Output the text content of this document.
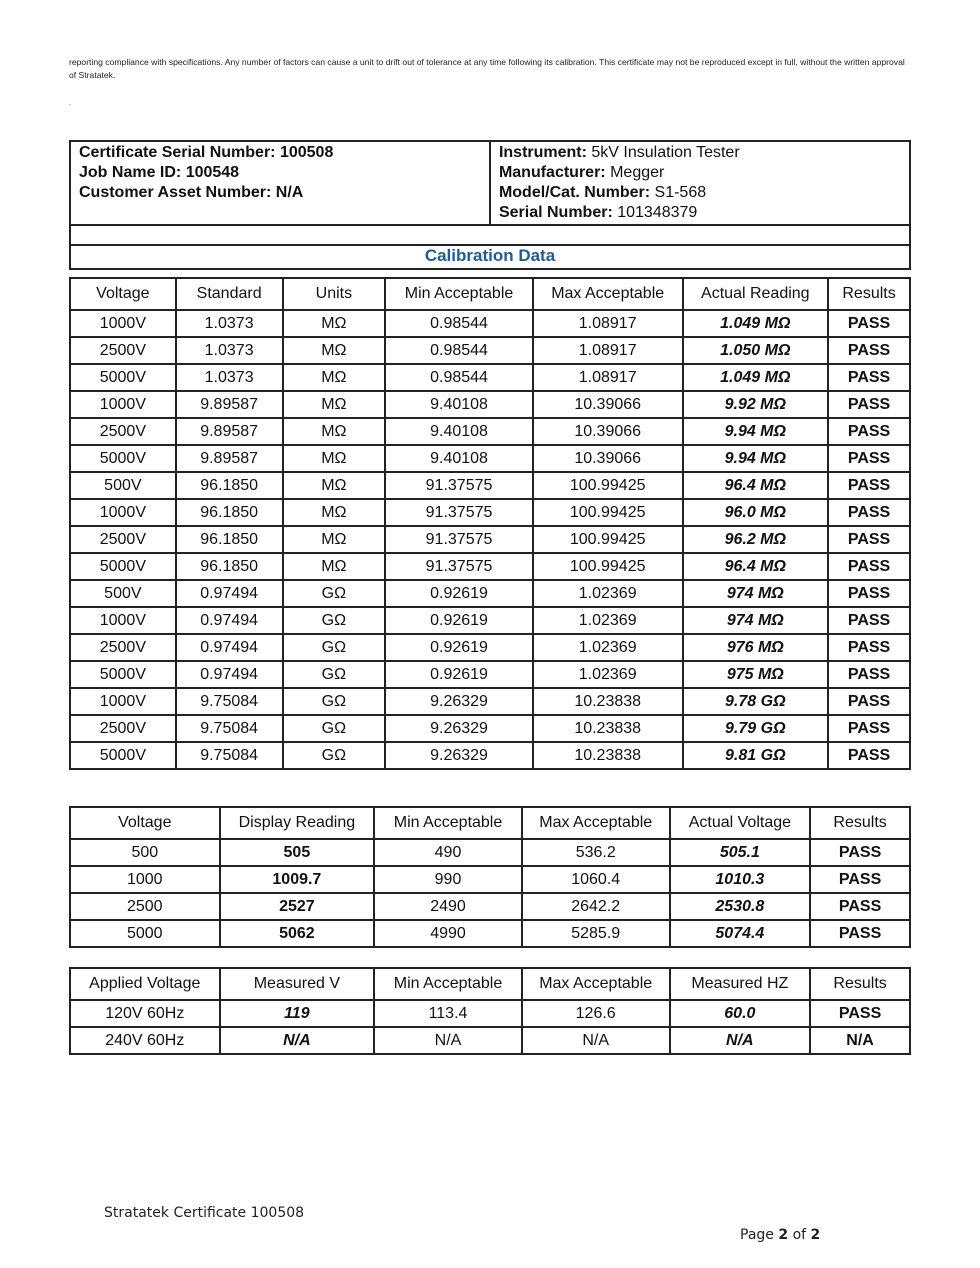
reporting compliance with specifications. Any number of factors can cause a unit to drift out of tolerance at any time following its calibration. This certificate may not be reproduced except in full, without the written approval of Stratatek.
.
Certificate Serial Number: 100508
Job Name ID: 100548
Customer Asset Number: N/A

Instrument: 5kV Insulation Tester
Manufacturer: Megger
Model/Cat. Number: S1-568
Serial Number: 101348379

Calibration Data
Voltage	Standard	Units	Min Acceptable	Max Acceptable	Actual Reading	Results
1000V	1.0373	MΩ	0.98544	1.08917	1.049 MΩ	PASS
2500V	1.0373	MΩ	0.98544	1.08917	1.050 MΩ	PASS
5000V	1.0373	MΩ	0.98544	1.08917	1.049 MΩ	PASS
1000V	9.89587	MΩ	9.40108	10.39066	9.92 MΩ	PASS
2500V	9.89587	MΩ	9.40108	10.39066	9.94 MΩ	PASS
5000V	9.89587	MΩ	9.40108	10.39066	9.94 MΩ	PASS
500V	96.1850	MΩ	91.37575	100.99425	96.4 MΩ	PASS
1000V	96.1850	MΩ	91.37575	100.99425	96.0 MΩ	PASS
2500V	96.1850	MΩ	91.37575	100.99425	96.2 MΩ	PASS
5000V	96.1850	MΩ	91.37575	100.99425	96.4 MΩ	PASS
500V	0.97494	GΩ	0.92619	1.02369	974 MΩ	PASS
1000V	0.97494	GΩ	0.92619	1.02369	974 MΩ	PASS
2500V	0.97494	GΩ	0.92619	1.02369	976 MΩ	PASS
5000V	0.97494	GΩ	0.92619	1.02369	975 MΩ	PASS
1000V	9.75084	GΩ	9.26329	10.23838	9.78 GΩ	PASS
2500V	9.75084	GΩ	9.26329	10.23838	9.79 GΩ	PASS
5000V	9.75084	GΩ	9.26329	10.23838	9.81 GΩ	PASS
Voltage	Display Reading	Min Acceptable	Max Acceptable	Actual Voltage	Results
500	505	490	536.2	505.1	PASS
1000	1009.7	990	1060.4	1010.3	PASS
2500	2527	2490	2642.2	2530.8	PASS
5000	5062	4990	5285.9	5074.4	PASS
Applied Voltage	Measured V	Min Acceptable	Max Acceptable	Measured HZ	Results
120V 60Hz	119	113.4	126.6	60.0	PASS
240V 60Hz	N/A	N/A	N/A	N/A	N/A
Stratatek Certificate 100508
Page 2 of 2
